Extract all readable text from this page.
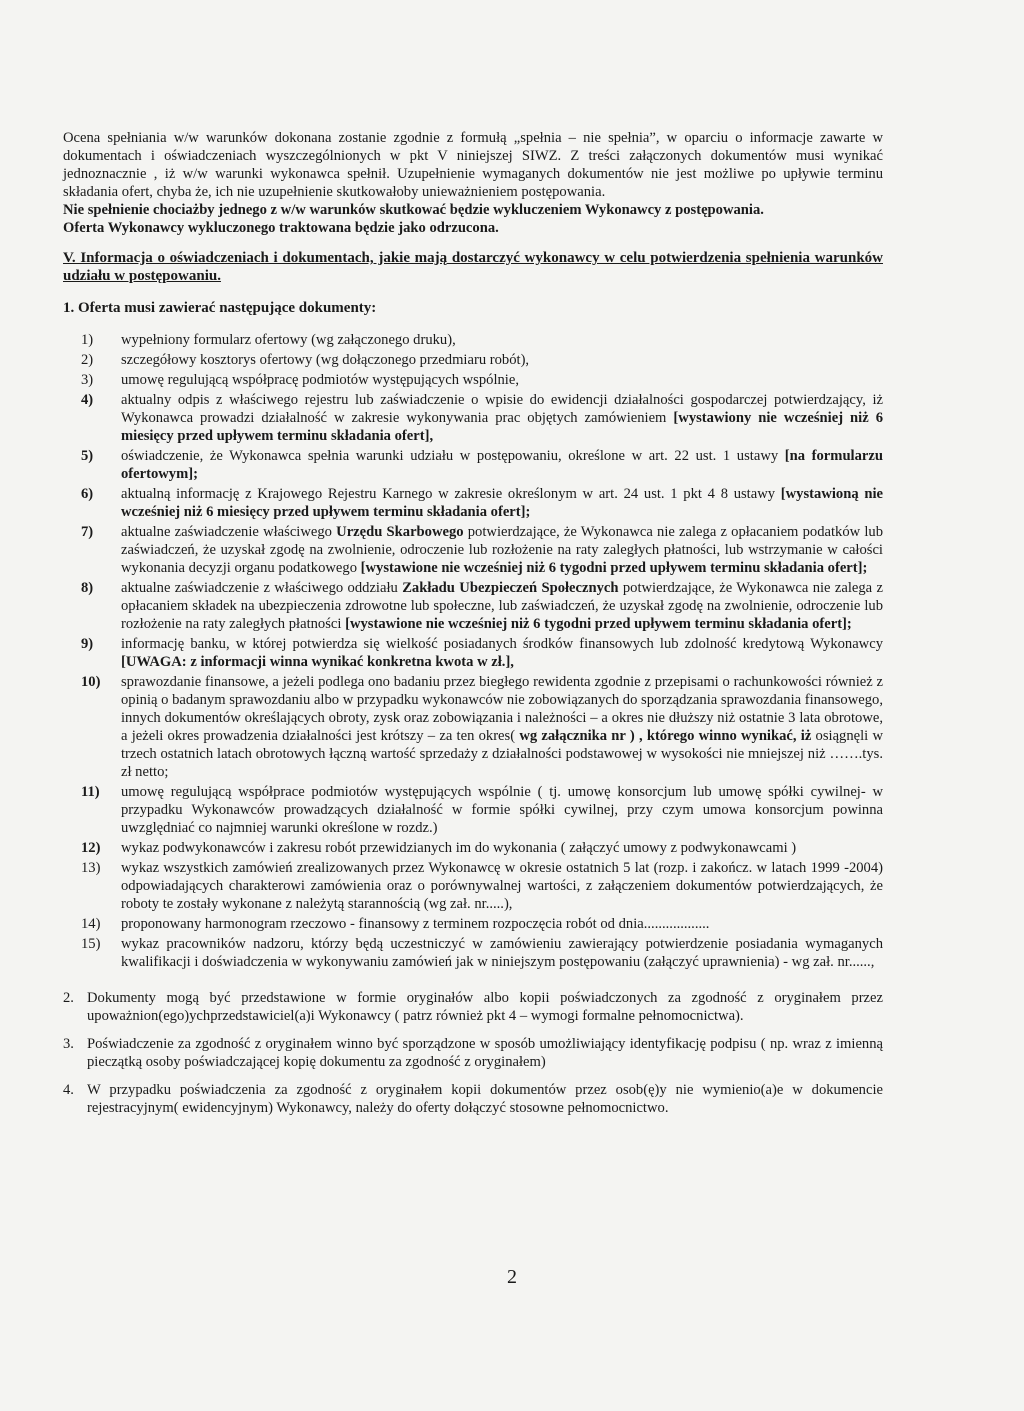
Ocena spełniania w/w warunków dokonana zostanie zgodnie z formułą „spełnia – nie spełnia”, w oparciu o informacje zawarte w dokumentach i oświadczeniach wyszczególnionych w pkt V niniejszej SIWZ. Z treści załączonych dokumentów musi wynikać jednoznacznie , iż w/w warunki wykonawca spełnił. Uzupełnienie wymaganych dokumentów nie jest możliwe po upływie terminu składania ofert, chyba że, ich nie uzupełnienie skutkowałoby unieważnieniem postępowania.

Nie spełnienie chociażby jednego z w/w warunków skutkować będzie wykluczeniem Wykonawcy z postępowania.

Oferta Wykonawcy wykluczonego traktowana będzie jako odrzucona.

V. Informacja o oświadczeniach i dokumentach, jakie mają dostarczyć wykonawcy w celu potwierdzenia spełnienia warunków udziału w postępowaniu.

1. Oferta musi zawierać następujące dokumenty:

1)	wypełniony formularz ofertowy (wg załączonego druku),
2)	szczegółowy kosztorys ofertowy (wg dołączonego przedmiaru robót),
3)	umowę regulującą współpracę podmiotów występujących wspólnie,
4)	aktualny odpis z właściwego rejestru lub zaświadczenie o wpisie do ewidencji działalności gospodarczej potwierdzający, iż Wykonawca prowadzi działalność w zakresie wykonywania prac objętych zamówieniem [wystawiony nie wcześniej niż 6 miesięcy przed upływem terminu składania ofert],
5)	oświadczenie, że Wykonawca spełnia warunki udziału w postępowaniu, określone w art. 22 ust. 1 ustawy [na formularzu ofertowym];
6)	aktualną informację z Krajowego Rejestru Karnego w zakresie określonym w art. 24 ust. 1 pkt 4 8 ustawy [wystawioną nie wcześniej niż 6 miesięcy przed upływem terminu składania ofert];
7)	aktualne zaświadczenie właściwego Urzędu Skarbowego potwierdzające, że Wykonawca nie zalega z opłacaniem podatków lub zaświadczeń, że uzyskał zgodę na zwolnienie, odroczenie lub rozłożenie na raty zaległych płatności, lub wstrzymanie w całości wykonania decyzji organu podatkowego [wystawione nie wcześniej niż 6 tygodni przed upływem terminu składania ofert];
8)	aktualne zaświadczenie z właściwego oddziału Zakładu Ubezpieczeń Społecznych potwierdzające, że Wykonawca nie zalega z opłacaniem składek na ubezpieczenia zdrowotne lub społeczne, lub zaświadczeń, że uzyskał zgodę na zwolnienie, odroczenie lub rozłożenie na raty zaległych płatności [wystawione nie wcześniej niż 6 tygodni przed upływem terminu składania ofert];
9)	informację banku, w której potwierdza się wielkość posiadanych środków finansowych lub zdolność kredytową Wykonawcy [UWAGA: z informacji winna wynikać konkretna kwota w zł.],
10)	sprawozdanie finansowe, a jeżeli podlega ono badaniu przez biegłego rewidenta zgodnie z przepisami o rachunkowości również z opinią o badanym sprawozdaniu albo w przypadku wykonawców nie zobowiązanych do sporządzania sprawozdania finansowego, innych dokumentów określających obroty, zysk oraz zobowiązania i należności – a okres nie dłuższy niż ostatnie 3 lata obrotowe, a jeżeli okres prowadzenia działalności jest krótszy – za ten okres( wg załącznika nr ) , którego winno wynikać, iż osiągnęli w trzech ostatnich latach obrotowych łączną wartość sprzedaży z działalności podstawowej w wysokości nie mniejszej niż …….tys. zł netto;
11)	umowę regulującą współprace podmiotów występujących wspólnie ( tj. umowę konsorcjum lub umowę spółki cywilnej- w przypadku Wykonawców prowadzących działalność w formie spółki cywilnej, przy czym umowa konsorcjum powinna uwzględniać co najmniej warunki określone w rozdz.)
12)	wykaz podwykonawców i zakresu robót przewidzianych im do wykonania ( załączyć umowy z podwykonawcami )
13)	wykaz wszystkich zamówień zrealizowanych przez Wykonawcę w okresie ostatnich 5 lat (rozp. i zakończ. w latach 1999 -2004) odpowiadających charakterowi zamówienia oraz o porównywalnej wartości, z załączeniem dokumentów potwierdzających, że roboty te zostały wykonane z należytą starannością (wg zał. nr.....),
14)	proponowany harmonogram rzeczowo - finansowy z terminem rozpoczęcia robót od dnia..................
15)	wykaz pracowników nadzoru, którzy będą uczestniczyć w zamówieniu zawierający potwierdzenie posiadania wymaganych kwalifikacji i doświadczenia w wykonywaniu zamówień jak w niniejszym postępowaniu (załączyć uprawnienia) - wg zał. nr......,
2. Dokumenty mogą być przedstawione w formie oryginałów albo kopii poświadczonych za zgodność z oryginałem przez upoważnion(ego)ychprzedstawiciel(a)i Wykonawcy ( patrz również pkt 4 – wymogi formalne pełnomocnictwa).
3. Poświadczenie za zgodność z oryginałem winno być sporządzone w sposób umożliwiający identyfikację podpisu ( np. wraz z imienną pieczątką osoby poświadczającej kopię dokumentu za zgodność z oryginałem)
4. W przypadku poświadczenia za zgodność z oryginałem kopii dokumentów przez osob(ę)y nie wymienio(a)e w dokumencie rejestracyjnym( ewidencyjnym) Wykonawcy, należy do oferty dołączyć stosowne pełnomocnictwo.
2
